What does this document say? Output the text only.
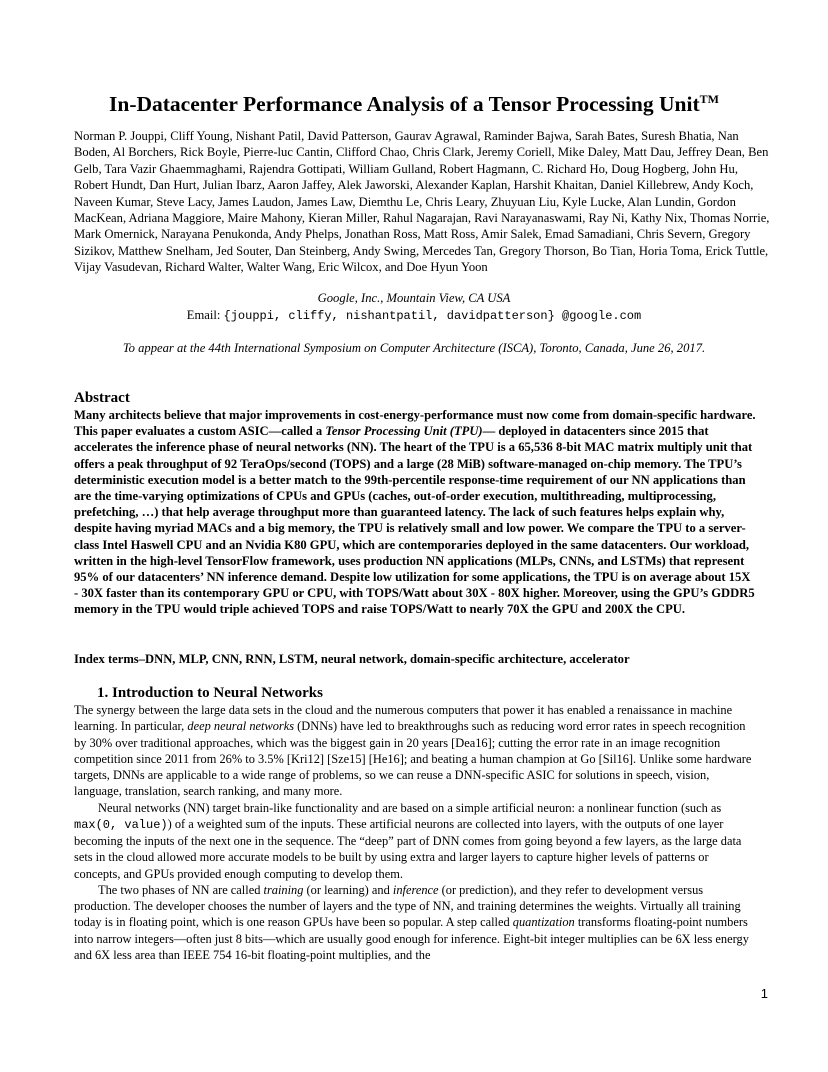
In-Datacenter Performance Analysis of a Tensor Processing Unit™
Norman P. Jouppi, Cliff Young, Nishant Patil, David Patterson, Gaurav Agrawal, Raminder Bajwa, Sarah Bates, Suresh Bhatia, Nan Boden, Al Borchers, Rick Boyle, Pierre-luc Cantin, Clifford Chao, Chris Clark, Jeremy Coriell, Mike Daley, Matt Dau, Jeffrey Dean, Ben Gelb, Tara Vazir Ghaemmaghami, Rajendra Gottipati, William Gulland, Robert Hagmann, C. Richard Ho, Doug Hogberg, John Hu, Robert Hundt, Dan Hurt, Julian Ibarz, Aaron Jaffey, Alek Jaworski, Alexander Kaplan, Harshit Khaitan, Daniel Killebrew, Andy Koch, Naveen Kumar, Steve Lacy, James Laudon, James Law, Diemthu Le, Chris Leary, Zhuyuan Liu, Kyle Lucke, Alan Lundin, Gordon MacKean, Adriana Maggiore, Maire Mahony, Kieran Miller, Rahul Nagarajan, Ravi Narayanaswami, Ray Ni, Kathy Nix, Thomas Norrie, Mark Omernick, Narayana Penukonda, Andy Phelps, Jonathan Ross, Matt Ross, Amir Salek, Emad Samadiani, Chris Severn, Gregory Sizikov, Matthew Snelham, Jed Souter, Dan Steinberg, Andy Swing, Mercedes Tan, Gregory Thorson, Bo Tian, Horia Toma, Erick Tuttle, Vijay Vasudevan, Richard Walter, Walter Wang, Eric Wilcox, and Doe Hyun Yoon
Google, Inc., Mountain View, CA USA
Email: {jouppi, cliffy, nishantpatil, davidpatterson} @google.com
To appear at the 44th International Symposium on Computer Architecture (ISCA), Toronto, Canada, June 26, 2017.
Abstract

Many architects believe that major improvements in cost-energy-performance must now come from domain-specific hardware. This paper evaluates a custom ASIC—called a Tensor Processing Unit (TPU)— deployed in datacenters since 2015 that accelerates the inference phase of neural networks (NN). The heart of the TPU is a 65,536 8-bit MAC matrix multiply unit that offers a peak throughput of 92 TeraOps/second (TOPS) and a large (28 MiB) software-managed on-chip memory. The TPU’s deterministic execution model is a better match to the 99th-percentile response-time requirement of our NN applications than are the time-varying optimizations of CPUs and GPUs (caches, out-of-order execution, multithreading, multiprocessing, prefetching, …) that help average throughput more than guaranteed latency. The lack of such features helps explain why, despite having myriad MACs and a big memory, the TPU is relatively small and low power. We compare the TPU to a server-class Intel Haswell CPU and an Nvidia K80 GPU, which are contemporaries deployed in the same datacenters. Our workload, written in the high-level TensorFlow framework, uses production NN applications (MLPs, CNNs, and LSTMs) that represent 95% of our datacenters’ NN inference demand. Despite low utilization for some applications, the TPU is on average about 15X - 30X faster than its contemporary GPU or CPU, with TOPS/Watt about 30X - 80X higher. Moreover, using the GPU’s GDDR5 memory in the TPU would triple achieved TOPS and raise TOPS/Watt to nearly 70X the GPU and 200X the CPU.

Index terms–DNN, MLP, CNN, RNN, LSTM, neural network, domain-specific architecture, accelerator
1. Introduction to Neural Networks

The synergy between the large data sets in the cloud and the numerous computers that power it has enabled a renaissance in machine learning. In particular, deep neural networks (DNNs) have led to breakthroughs such as reducing word error rates in speech recognition by 30% over traditional approaches, which was the biggest gain in 20 years [Dea16]; cutting the error rate in an image recognition competition since 2011 from 26% to 3.5% [Kri12] [Sze15] [He16]; and beating a human champion at Go [Sil16]. Unlike some hardware targets, DNNs are applicable to a wide range of problems, so we can reuse a DNN-specific ASIC for solutions in speech, vision, language, translation, search ranking, and many more.

Neural networks (NN) target brain-like functionality and are based on a simple artificial neuron: a nonlinear function (such as max(0, value)) of a weighted sum of the inputs. These artificial neurons are collected into layers, with the outputs of one layer becoming the inputs of the next one in the sequence. The “deep” part of DNN comes from going beyond a few layers, as the large data sets in the cloud allowed more accurate models to be built by using extra and larger layers to capture higher levels of patterns or concepts, and GPUs provided enough computing to develop them.

The two phases of NN are called training (or learning) and inference (or prediction), and they refer to development versus production. The developer chooses the number of layers and the type of NN, and training determines the weights. Virtually all training today is in floating point, which is one reason GPUs have been so popular. A step called quantization transforms floating-point numbers into narrow integers—often just 8 bits—which are usually good enough for inference. Eight-bit integer multiplies can be 6X less energy and 6X less area than IEEE 754 16-bit floating-point multiplies, and the

1
